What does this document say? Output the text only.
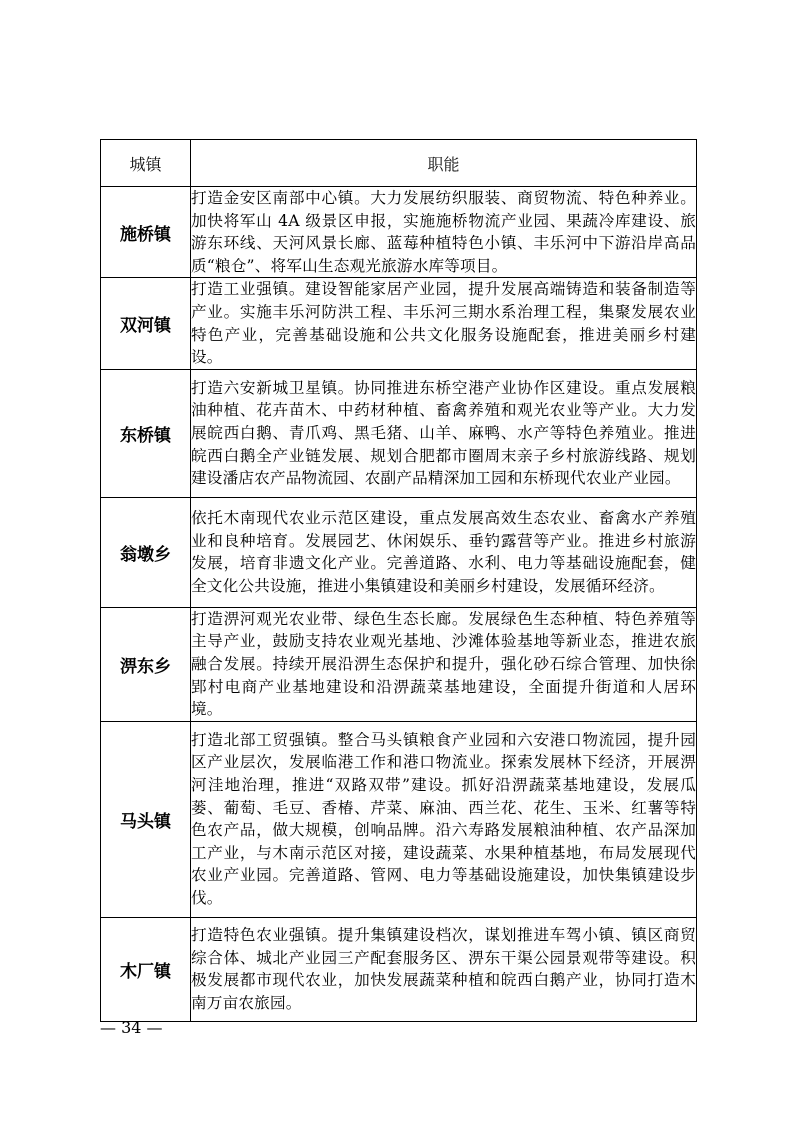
城镇	职能
施桥镇	打造金安区南部中心镇。大力发展纺织服装、商贸物流、特色种养业。加快将军山 4A 级景区申报，实施施桥物流产业园、果蔬冷库建设、旅游东环线、天河风景长廊、蓝莓种植特色小镇、丰乐河中下游沿岸高品质“粮仓”、将军山生态观光旅游水库等项目。
双河镇	打造工业强镇。建设智能家居产业园，提升发展高端铸造和装备制造等产业。实施丰乐河防洪工程、丰乐河三期水系治理工程，集聚发展农业特色产业，完善基础设施和公共文化服务设施配套，推进美丽乡村建设。
东桥镇	打造六安新城卫星镇。协同推进东桥空港产业协作区建设。重点发展粮油种植、花卉苗木、中药材种植、畜禽养殖和观光农业等产业。大力发展皖西白鹅、青爪鸡、黑毛猪、山羊、麻鸭、水产等特色养殖业。推进皖西白鹅全产业链发展、规划合肥都市圈周末亲子乡村旅游线路、规划建设潘店农产品物流园、农副产品精深加工园和东桥现代农业产业园。
翁墩乡	依托木南现代农业示范区建设，重点发展高效生态农业、畜禽水产养殖业和良种培育。发展园艺、休闲娱乐、垂钓露营等产业。推进乡村旅游发展，培育非遗文化产业。完善道路、水利、电力等基础设施配套，健全文化公共设施，推进小集镇建设和美丽乡村建设，发展循环经济。
淠东乡	打造淠河观光农业带、绿色生态长廊。发展绿色生态种植、特色养殖等主导产业，鼓励支持农业观光基地、沙滩体验基地等新业态，推进农旅融合发展。持续开展沿淠生态保护和提升，强化砂石综合管理、加快徐郢村电商产业基地建设和沿淠蔬菜基地建设，全面提升街道和人居环境。
马头镇	打造北部工贸强镇。整合马头镇粮食产业园和六安港口物流园，提升园区产业层次，发展临港工作和港口物流业。探索发展林下经济，开展淠河洼地治理，推进“双路双带”建设。抓好沿淠蔬菜基地建设，发展瓜蒌、葡萄、毛豆、香椿、芹菜、麻油、西兰花、花生、玉米、红薯等特色农产品，做大规模，创响品牌。沿六寿路发展粮油种植、农产品深加工产业，与木南示范区对接，建设蔬菜、水果种植基地，布局发展现代农业产业园。完善道路、管网、电力等基础设施建设，加快集镇建设步伐。
木厂镇	打造特色农业强镇。提升集镇建设档次，谋划推进车驾小镇、镇区商贸综合体、城北产业园三产配套服务区、淠东干渠公园景观带等建设。积极发展都市现代农业，加快发展蔬菜种植和皖西白鹅产业，协同打造木南万亩农旅园。
— 34 —
